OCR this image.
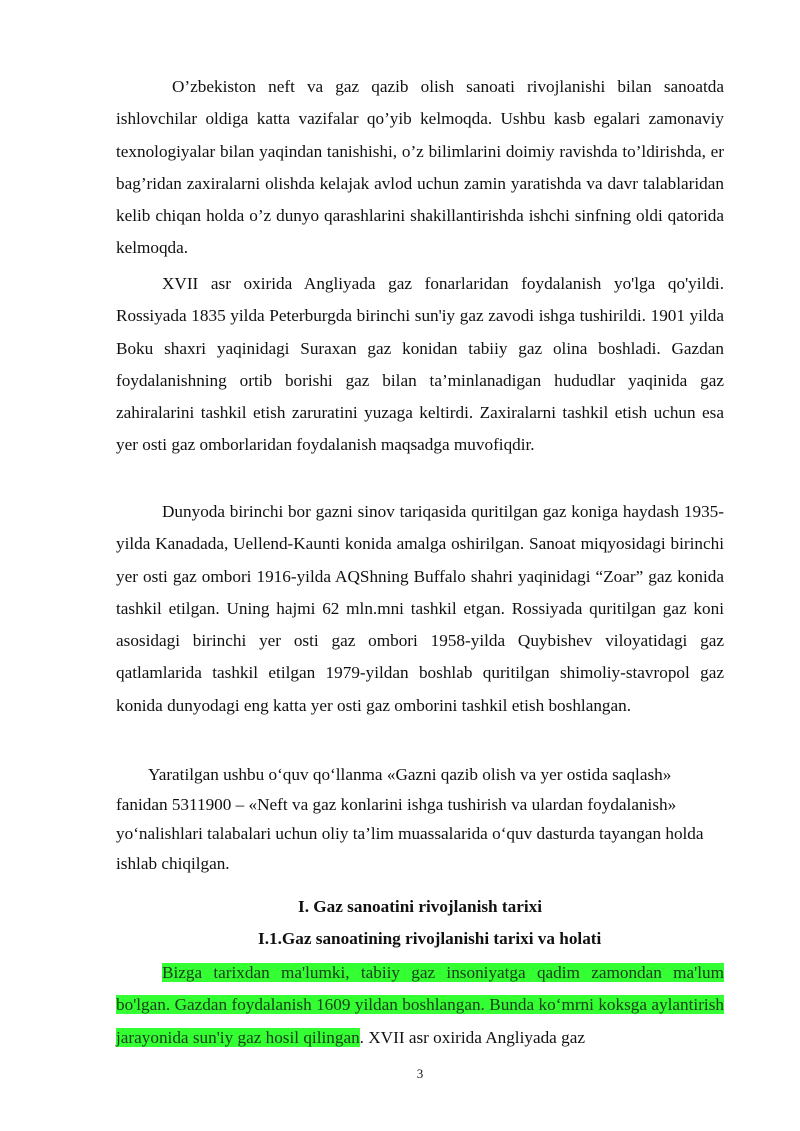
O’zbekiston neft va gaz qazib olish sanoati rivojlanishi bilan sanoatda ishlovchilar oldiga katta vazifalar qo’yib kelmoqda. Ushbu kasb egalari zamonaviy texnologiyalar bilan yaqindan tanishishi, o’z bilimlarini doimiy ravishda to’ldirishda, er bag’ridan zaxiralarni olishda kelajak avlod uchun zamin yaratishda va davr talablaridan kelib chiqan holda o’z dunyo qarashlarini shakillantirishda ishchi sinfning oldi qatorida kelmoqda.

XVII asr oxirida Angliyada gaz fonarlaridan foydalanish yo'lga qo'yildi. Rossiyada 1835 yilda Peterburgda birinchi sun'iy gaz zavodi ishga tushirildi. 1901 yilda Boku shaxri yaqinidagi Suraxan gaz konidan tabiiy gaz olina boshladi. Gazdan foydalanishning ortib borishi gaz bilan ta’minlanadigan hududlar yaqinida gaz zahiralarini tashkil etish zaruratini yuzaga keltirdi. Zaxiralarni tashkil etish uchun esa yer osti gaz omborlaridan foydalanish maqsadga muvofiqdir.

Dunyoda birinchi bor gazni sinov tariqasida quritilgan gaz koniga haydash 1935-yilda Kanadada, Uellend-Kaunti konida amalga oshirilgan. Sanoat miqyosidagi birinchi yer osti gaz ombori 1916-yilda AQShning Buffalo shahri yaqinidagi “Zoar” gaz konida tashkil etilgan. Uning hajmi 62 mln.mni tashkil etgan. Rossiyada quritilgan gaz koni asosidagi birinchi yer osti gaz ombori 1958-yilda Quybishev viloyatidagi gaz qatlamlarida tashkil etilgan 1979-yildan boshlab quritilgan shimoliy-stavropol gaz konida dunyodagi eng katta yer osti gaz omborini tashkil etish boshlangan.

Yaratilgan ushbu o‘quv qo‘llanma «Gazni qazib olish va yer ostida saqlash» fanidan 5311900 – «Neft va gaz konlarini ishga tushirish va ulardan foydalanish» yo‘nalishlari talabalari uchun oliy ta’lim muassalarida o‘quv dasturda tayangan holda ishlab chiqilgan.

I. Gaz sanoatini rivojlanish tarixi
I.1.Gaz sanoatining rivojlanishi tarixi va holati

Bizga tarixdan ma'lumki, tabiiy gaz insoniyatga qadim zamondan ma'lum bo'lgan. Gazdan foydalanish 1609 yildan boshlangan. Bunda ko‘mrni koksga aylantirish jarayonida sun'iy gaz hosil qilingan. XVII asr oxirida Angliyada gaz

3
